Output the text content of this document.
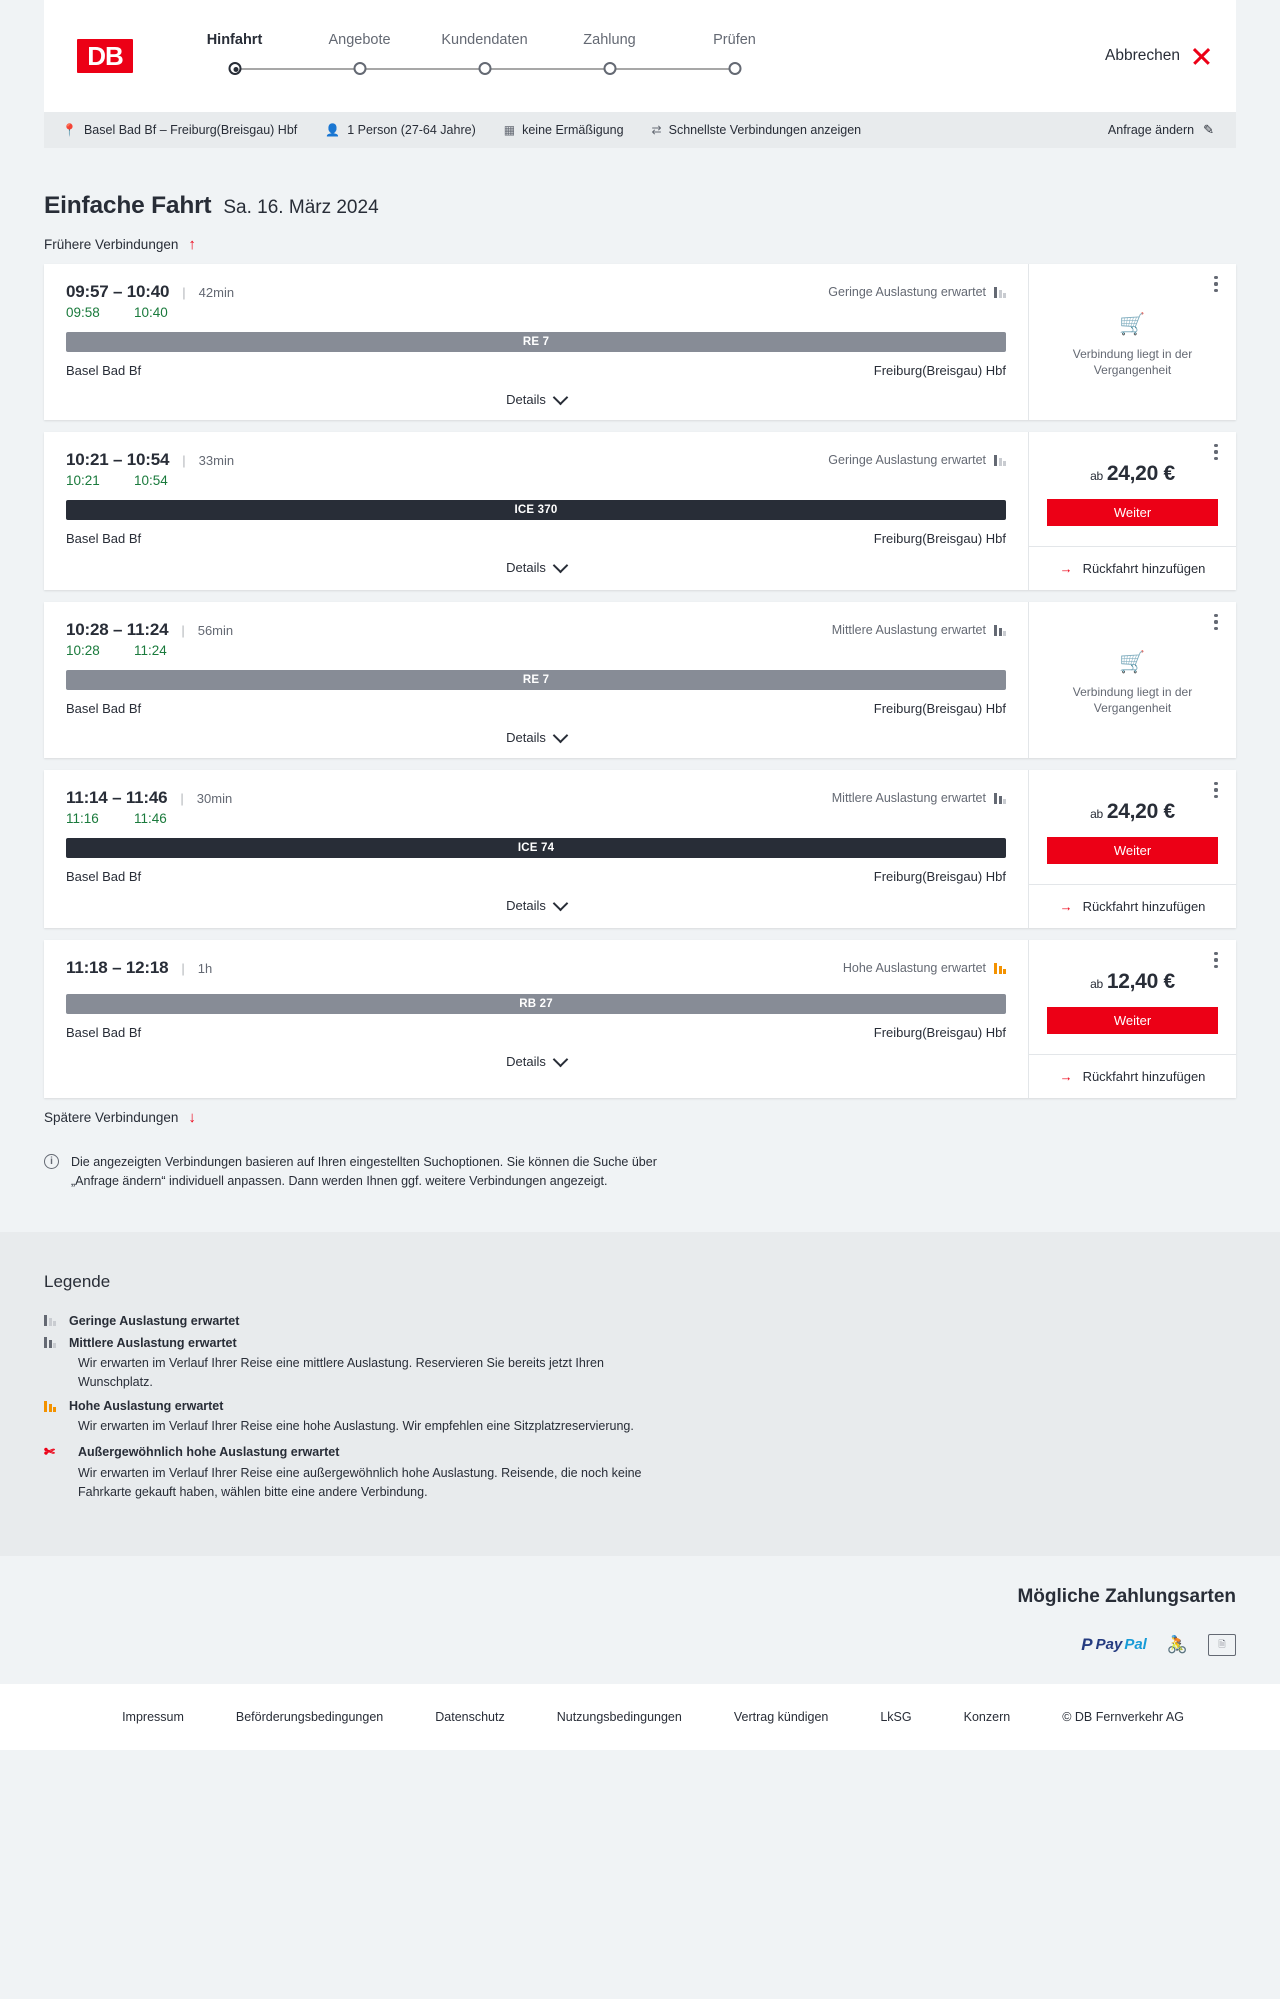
DB
Hinfahrt	Angebote	Kundendaten	Zahlung	Prüfen
Abbrechen
📍 Basel Bad Bf – Freiburg(Breisgau) Hbf 👤 1 Person (27-64 Jahre) ▦ keine Ermäßigung ⇄ Schnellste Verbindungen anzeigen	Anfrage ändern ✎
Einfache Fahrt Sa. 16. März 2024
Frühere Verbindungen ↑
09:57 – 10:40 | 42min	Geringe Auslastung erwartet
09:58	10:40
RE 7
Basel Bad Bf	Freiburg(Breisgau) Hbf
Details
🛒
Verbindung liegt in der Vergangenheit
10:21 – 10:54 | 33min	Geringe Auslastung erwartet
10:21	10:54
ICE 370
Basel Bad Bf	Freiburg(Breisgau) Hbf
Details
ab 24,20 €
Weiter
→ Rückfahrt hinzufügen
10:28 – 11:24 | 56min	Mittlere Auslastung erwartet
10:28	11:24
RE 7
Basel Bad Bf	Freiburg(Breisgau) Hbf
Details
🛒
Verbindung liegt in der Vergangenheit
11:14 – 11:46 | 30min	Mittlere Auslastung erwartet
11:16	11:46
ICE 74
Basel Bad Bf	Freiburg(Breisgau) Hbf
Details
ab 24,20 €
Weiter
→ Rückfahrt hinzufügen
11:18 – 12:18 | 1h	Hohe Auslastung erwartet
RB 27
Basel Bad Bf	Freiburg(Breisgau) Hbf
Details
ab 12,40 €
Weiter
→ Rückfahrt hinzufügen
Spätere Verbindungen ↓
i	Die angezeigten Verbindungen basieren auf Ihren eingestellten Suchoptionen. Sie können die Suche über „Anfrage ändern“ individuell anpassen. Dann werden Ihnen ggf. weitere Verbindungen angezeigt.
Legende
Geringe Auslastung erwartet
Mittlere Auslastung erwartet
Wir erwarten im Verlauf Ihrer Reise eine mittlere Auslastung. Reservieren Sie bereits jetzt Ihren Wunschplatz.
Hohe Auslastung erwartet
Wir erwarten im Verlauf Ihrer Reise eine hohe Auslastung. Wir empfehlen eine Sitzplatzreservierung.
✄	Außergewöhnlich hohe Auslastung erwartet
Wir erwarten im Verlauf Ihrer Reise eine außergewöhnlich hohe Auslastung. Reisende, die noch keine Fahrkarte gekauft haben, wählen bitte eine andere Verbindung.
Mögliche Zahlungsarten
P Pay Pal 🚴	🗎
Impressum	Beförderungsbedingungen	Datenschutz	Nutzungsbedingungen	Vertrag kündigen	LkSG	Konzern	© DB Fernverkehr AG
